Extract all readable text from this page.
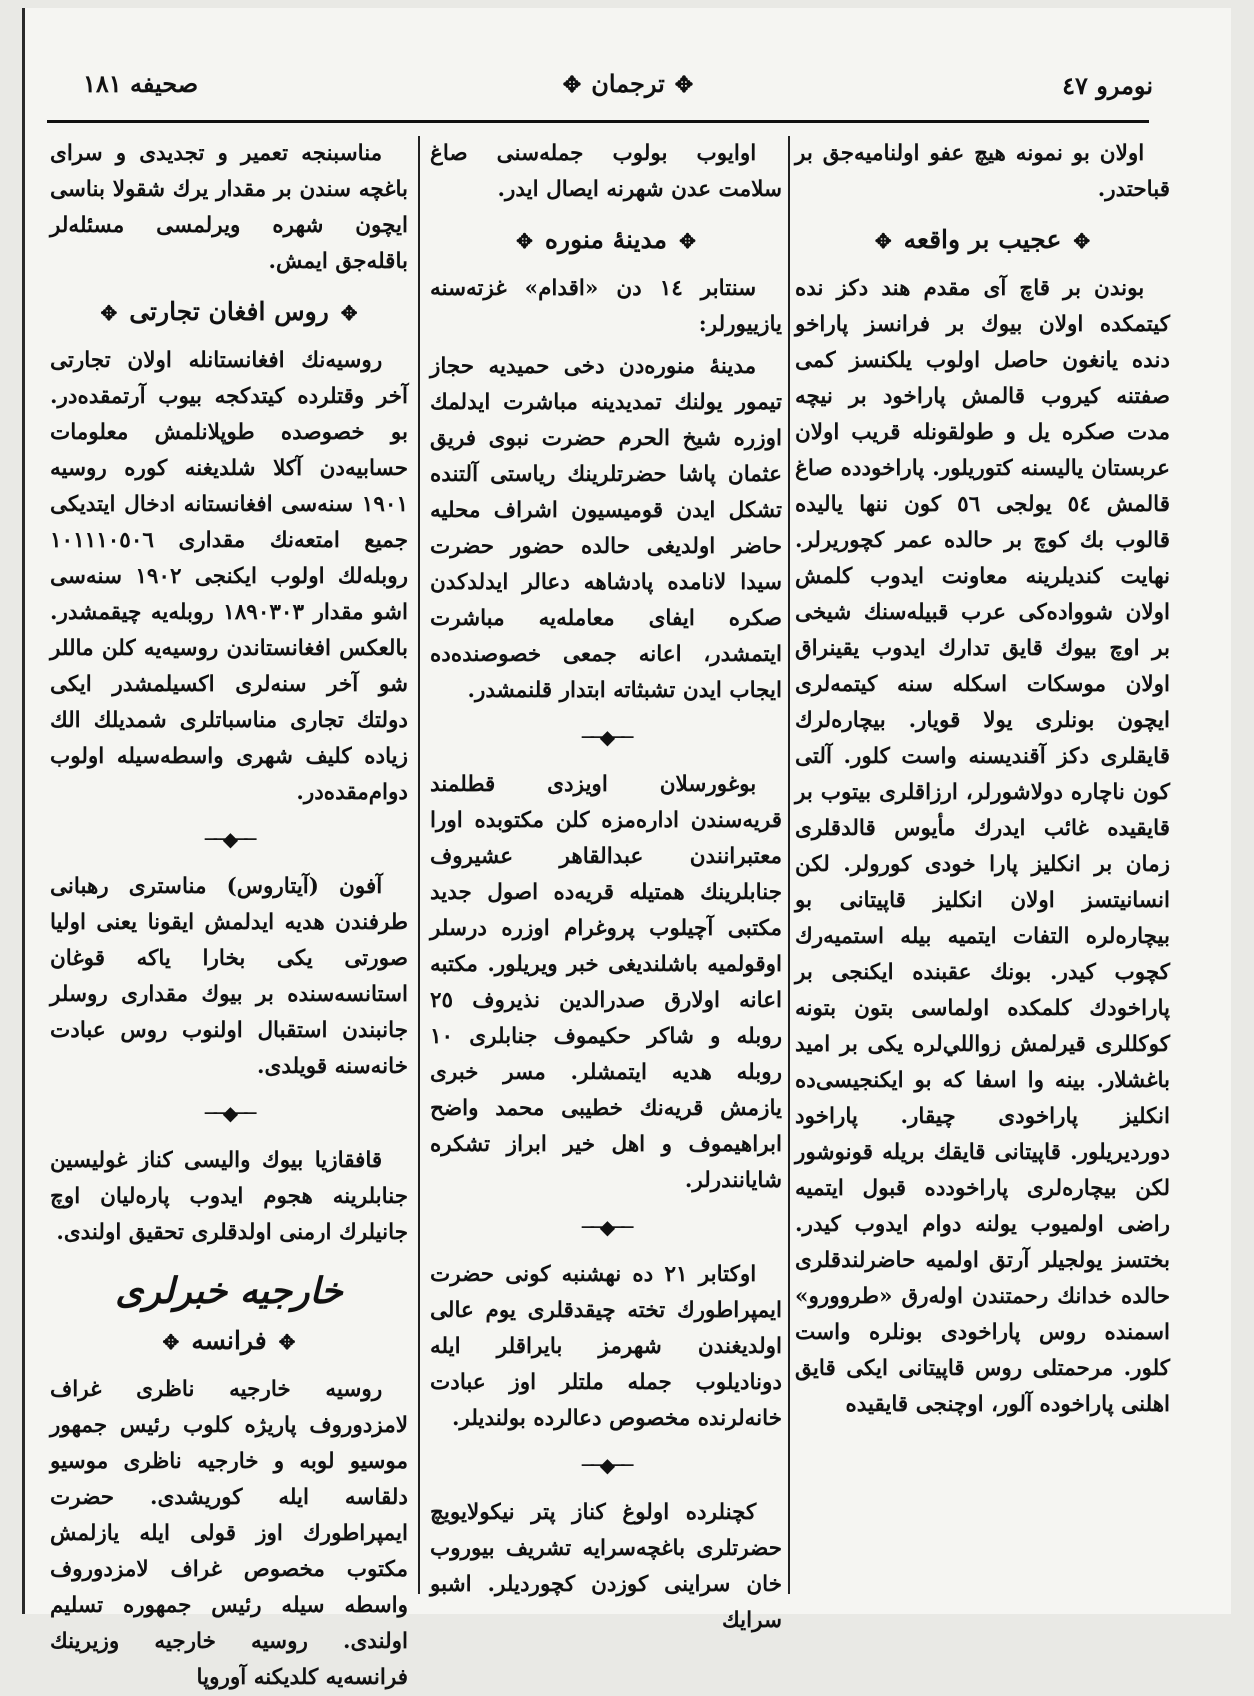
نومرو ٤٧
✥ترجمان✥
صحيفه ١٨١

اولان بو نمونه هيچ عفو اولناميه‌جق بر قباحتدر.

✥عجيب بر واقعه✥

بوندن بر قاچ آی مقدم هند دكز نده كيتمكده اولان بيوك بر فرانسز پاراخو دنده يانغون حاصل اولوب يلكنسز كمی صفتنه كيروب قالمش پاراخود بر نيچه مدت صكره يل و طولقونله قريب اولان عربستان ياليسنه كتوريلور. پاراخودده صاغ قالمش ٥٤ يولجی ٥٦ كون ننها ياليده قالوب بك كوچ بر حالده عمر كچوريرلر. نهايت كنديلرينه معاونت ايدوب كلمش اولان شوواده‌كی عرب قبيله‌سنك شيخی بر اوچ بيوك قايق تدارك ايدوب يقينراق اولان موسكات اسكله سنه كيتمه‌لری ايچون بونلری يولا قويار. بيچاره‌لرك قايقلری دكز آقندیسنه واست كلور. آلتی كون ناچاره دولاشورلر، ارزاقلری بيتوب بر قايقيده غائب ايدرك مأيوس قالدقلری زمان بر انكليز پارا خودی كورولر. لكن انسانيتسز اولان انكليز قاپيتانی بو بيچاره‌لره التفات ايتميه بيله استميه‌رك كچوب كيدر. بونك عقبنده ايكنجی بر پاراخودك كلمكده اولماسی بتون بتونه كوكللری قيرلمش زواللي‌لره يكی بر اميد باغشلار. بينه وا اسفا كه بو ايكنجيسی‌ده انكليز پاراخودی چيقار. پاراخود دوردیريلور. قاپيتانی قايقك بريله قونوشور لكن بيچاره‌لری پاراخودده قبول ايتميه راضی اولميوب يولنه دوام ايدوب كيدر. بختسز يولجيلر آرتق اولميه حاضرلندقلری حالده خدانك رحمتندن اوله‌رق «طروورو» اسمنده روس پاراخودی بونلره واست كلور. مرحمتلی روس قاپيتانی ايكی قايق اهلنی پاراخوده آلور، اوچنجی قايقيده

اوايوب بولوب جمله‌سنی صاغ سلامت عدن شهرنه ايصال ايدر.

✥مدينۀ منوره✥

سنتابر ١٤ دن «اقدام» غزته‌سنه يازييورلر:

مدينۀ منوره‌دن دخی حميديه حجاز تيمور يولنك تمديدينه مباشرت ايدلمك اوزره شيخ الحرم حضرت نبوی فريق عثمان پاشا حضرتلرينك رياستی آلتنده تشكل ايدن قوميسيون اشراف محليه حاضر اولديغی حالده حضور حضرت سيدا لانامده پادشاهه دعالر ايدلدكدن صكره ايفای معامله‌يه مباشرت ايتمشدر، اعانه جمعی خصوصنده‌ده ايجاب ايدن تشبثاته ابتدار قلنمشدر.

──◆──

بوغورسلان اويزدی قطلمند قريه‌سندن اداره‌مزه كلن مكتوبده اورا معتبرانندن عبدالقاهر عشيروف جنابلرينك همتيله قريه‌ده اصول جديد مكتبی آچيلوب پروغرام اوزره درسلر اوقولميه باشلنديغی خبر ويريلور. مكتبه اعانه اولارق صدرالدين نذيروف ٢٥ روبله و شاكر حكيموف جنابلری ١٠ روبله هديه ايتمشلر. مسر خبری يازمش قريه‌نك خطيبی محمد واضح ابراهيموف و اهل خير ابراز تشكره شايانندرلر.

──◆──

اوكتابر ٢١ ده نهشنبه كونی حضرت ايمپراطورك تخته چيقدقلری يوم عالی اولديغندن شهرمز بايراقلر ايله دوناديلوب جمله ملتلر اوز عبادت خانه‌لرنده مخصوص دعالرده بولنديلر.

──◆──

كچنلرده اولوغ كناز پتر نيكولايويچ حضرتلری باغچه‌سرايه تشريف بيوروب خان سراينی كوزدن كچورديلر. اشبو سرايك

مناسبنجه تعمير و تجديدی و سرای باغچه سندن بر مقدار يرك شقولا بناسی ايچون شهره ويرلمسی مسئله‌لر باقله‌جق ايمش.

✥روس افغان تجارتی✥

روسيه‌نك افغانستانله اولان تجارتی آخر وقتلرده كيتدكجه بيوب آرتمقده‌در. بو خصوصده طوپلانلمش معلومات حسابيه‌دن آكلا شلديغنه كوره روسيه ١٩٠١ سنه‌سی افغانستانه ادخال ايتديكی جميع امتعه‌نك مقداری ١٠١١١٠٥٠٦ روبله‌لك اولوب ايكنجی ١٩٠٢ سنه‌سی اشو مقدار ١٨٩٠٣٠٣ روبله‌يه چيقمشدر. بالعكس افغانستاندن روسيه‌يه كلن ماللر شو آخر سنه‌لری اكسيلمشدر ايكی دولتك تجاری مناسباتلری شمديلك الك زياده كليف شهری واسطه‌سيله اولوب دوام‌مقده‌در.

──◆──

آفون (آيتاروس) مناستری رهبانی طرفندن هديه ايدلمش ايقونا يعنی اوليا صورتی يكی بخارا ياكه قوغان استانسه‌سنده بر بيوك مقداری روسلر جانبندن استقبال اولنوب روس عبادت خانه‌سنه قويلدی.

──◆──

قافقازيا بيوك واليسی كناز غوليسين جنابلرينه هجوم ايدوب پاره‌ليان اوچ جانيلرك ارمنی اولدقلری تحقيق اولندی.

خارجيه خبرلری
✥فرانسه✥

روسيه خارجيه ناظری غراف لامزدوروف پاريژه كلوب رئيس جمهور موسيو لوبه و خارجيه ناظری موسيو دلقاسه ايله كوريشدی. حضرت ايمپراطورك اوز قولی ايله يازلمش مكتوب مخصوص غراف لامزدوروف واسطه سيله رئيس جمهوره تسليم اولندی. روسيه خارجيه وزيرينك فرانسه‌يه كلديكنه آوروپا
